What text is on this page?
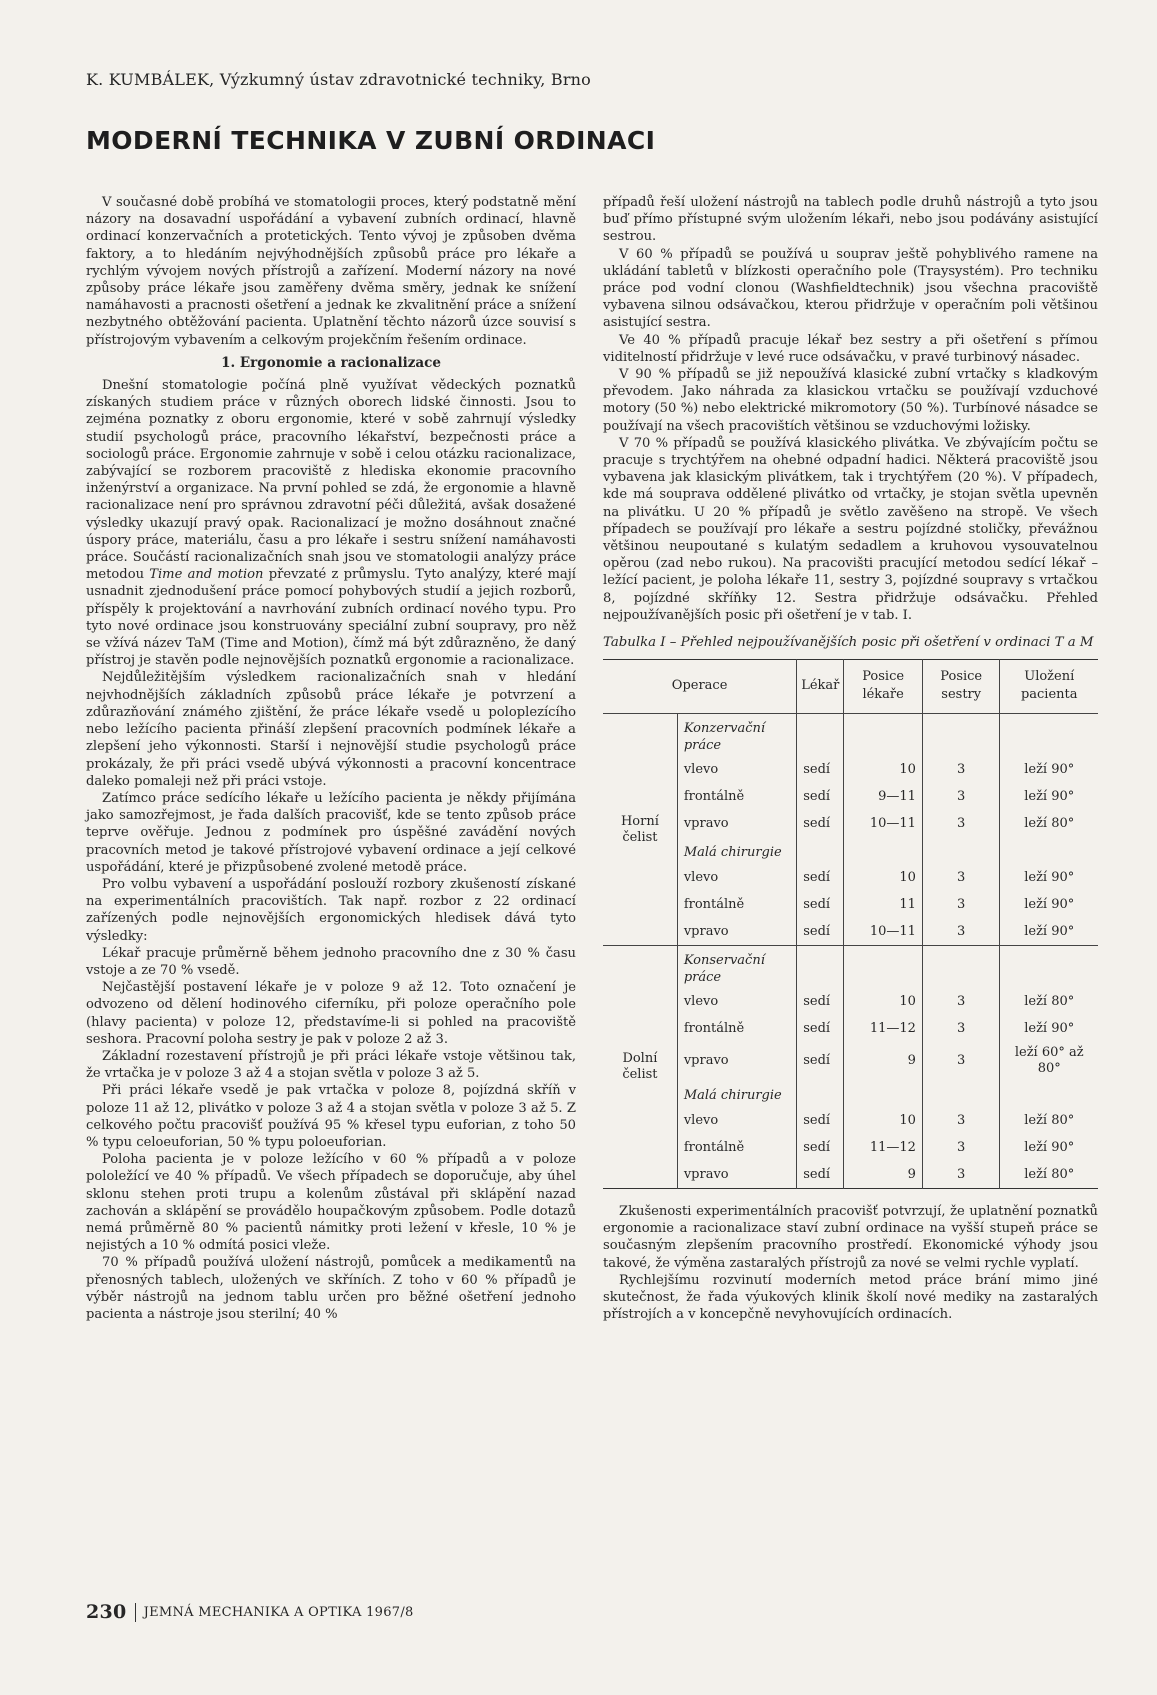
K. KUMBÁLEK, Výzkumný ústav zdravotnické techniky, Brno
MODERNÍ TECHNIKA V ZUBNÍ ORDINACI

V současné době probíhá ve stomatologii proces, který podstatně mění názory na dosavadní uspořádání a vybavení zubních ordinací, hlavně ordinací konzervačních a protetických. Tento vývoj je způsoben dvěma faktory, a to hledáním nejvýhodnějších způsobů práce pro lékaře a rychlým vývojem nových přístrojů a zařízení. Moderní názory na nové způsoby práce lékaře jsou zaměřeny dvěma směry, jednak ke snížení namáhavosti a pracnosti ošetření a jednak ke zkvalitnění práce a snížení nezbytného obtěžování pacienta. Uplatnění těchto názorů úzce souvisí s přístrojovým vybavením a celkovým projekčním řešením ordinace.

1. Ergonomie a racionalizace

Dnešní stomatologie počíná plně využívat vědeckých poznatků získaných studiem práce v různých oborech lidské činnosti. Jsou to zejména poznatky z oboru ergonomie, které v sobě zahrnují výsledky studií psychologů práce, pracovního lékařství, bezpečnosti práce a sociologů práce. Ergonomie zahrnuje v sobě i celou otázku racionalizace, zabývající se rozborem pracoviště z hlediska ekonomie pracovního inženýrství a organizace. Na první pohled se zdá, že ergonomie a hlavně racionalizace není pro správnou zdravotní péči důležitá, avšak dosažené výsledky ukazují pravý opak. Racionalizací je možno dosáhnout značné úspory práce, materiálu, času a pro lékaře i sestru snížení namáhavosti práce. Součástí racionalizačních snah jsou ve stomatologii analýzy práce metodou Time and motion převzaté z průmyslu. Tyto analýzy, které mají usnadnit zjednodušení práce pomocí pohybových studií a jejich rozborů, příspěly k projektování a navrhování zubních ordinací nového typu. Pro tyto nové ordinace jsou konstruovány speciální zubní soupravy, pro něž se vžívá název TaM (Time and Motion), čímž má být zdůrazněno, že daný přístroj je stavěn podle nejnovějších poznatků ergonomie a racionalizace.

Nejdůležitějším výsledkem racionalizačních snah v hledání nejvhodnějších základních způsobů práce lékaře je potvrzení a zdůrazňování známého zjištění, že práce lékaře vsedě u poloplezícího nebo ležícího pacienta přináší zlepšení pracovních podmínek lékaře a zlepšení jeho výkonnosti. Starší i nejnovější studie psychologů práce prokázaly, že při práci vsedě ubývá výkonnosti a pracovní koncentrace daleko pomaleji než při práci vstoje.

Zatímco práce sedícího lékaře u ležícího pacienta je někdy přijímána jako samozřejmost, je řada dalších pracovišť, kde se tento způsob práce teprve ověřuje. Jednou z podmínek pro úspěšné zavádění nových pracovních metod je takové přístrojové vybavení ordinace a její celkové uspořádání, které je přizpůsobené zvolené metodě práce.

Pro volbu vybavení a uspořádání poslouží rozbory zkušeností získané na experimentálních pracovištích. Tak např. rozbor z 22 ordinací zařízených podle nejnovějších ergonomických hledisek dává tyto výsledky:

Lékař pracuje průměrně během jednoho pracovního dne z 30 % času vstoje a ze 70 % vsedě.

Nejčastější postavení lékaře je v poloze 9 až 12. Toto označení je odvozeno od dělení hodinového ciferníku, při poloze operačního pole (hlavy pacienta) v poloze 12, představíme-li si pohled na pracoviště seshora. Pracovní poloha sestry je pak v poloze 2 až 3.

Základní rozestavení přístrojů je při práci lékaře vstoje většinou tak, že vrtačka je v poloze 3 až 4 a stojan světla v poloze 3 až 5.

Při práci lékaře vsedě je pak vrtačka v poloze 8, pojízdná skříň v poloze 11 až 12, plivátko v poloze 3 až 4 a stojan světla v poloze 3 až 5. Z celkového počtu pracovišť používá 95 % křesel typu euforian, z toho 50 % typu celoeuforian, 50 % typu poloeuforian.

Poloha pacienta je v poloze ležícího v 60 % případů a v poloze pololežící ve 40 % případů. Ve všech případech se doporučuje, aby úhel sklonu stehen proti trupu a kolenům zůstával při sklápění nazad zachován a sklápění se provádělo houpačkovým způsobem. Podle dotazů nemá průměrně 80 % pacientů námitky proti ležení v křesle, 10 % je nejistých a 10 % odmítá posici vleže.

70 % případů používá uložení nástrojů, pomůcek a medikamentů na přenosných tablech, uložených ve skříních. Z toho v 60 % případů je výběr nástrojů na jednom tablu určen pro běžné ošetření jednoho pacienta a nástroje jsou sterilní; 40 %

případů řeší uložení nástrojů na tablech podle druhů nástrojů a tyto jsou buď přímo přístupné svým uložením lékaři, nebo jsou podávány asistující sestrou.

V 60 % případů se používá u souprav ještě pohyblivého ramene na ukládání tabletů v blízkosti operačního pole (Traysystém). Pro techniku práce pod vodní clonou (Washfieldtechnik) jsou všechna pracoviště vybavena silnou odsávačkou, kterou přidržuje v operačním poli většinou asistující sestra.

Ve 40 % případů pracuje lékař bez sestry a při ošetření s přímou viditelností přidržuje v levé ruce odsávačku, v pravé turbinový násadec.

V 90 % případů se již nepoužívá klasické zubní vrtačky s kladkovým převodem. Jako náhrada za klasickou vrtačku se používají vzduchové motory (50 %) nebo elektrické mikromotory (50 %). Turbínové násadce se používají na všech pracovištích většinou se vzduchovými ložisky.

V 70 % případů se používá klasického plivátka. Ve zbývajícím počtu se pracuje s trychtýřem na ohebné odpadní hadici. Některá pracoviště jsou vybavena jak klasickým plivátkem, tak i trychtýřem (20 %). V případech, kde má souprava oddělené plivátko od vrtačky, je stojan světla upevněn na plivátku. U 20 % případů je světlo zavěšeno na stropě. Ve všech případech se používají pro lékaře a sestru pojízdné stoličky, převážnou většinou neupoutané s kulatým sedadlem a kruhovou vysouvatelnou opěrou (zad nebo rukou). Na pracovišti pracující metodou sedící lékař – ležící pacient, je poloha lékaře 11, sestry 3, pojízdné soupravy s vrtačkou 8, pojízdné skříňky 12. Sestra přidržuje odsávačku. Přehled nejpoužívanějších posic při ošetření je v tab. I.

Tabulka I – Přehled nejpoužívanějších posic při ošetření v ordinaci T a M
Operace		Lékař	Posice lékaře	Posice sestry	Uložení pacienta
Horní čelist	Konzervační práce				
	vlevo	sedí	10	3	leží 90°
	frontálně	sedí	9—11	3	leží 90°
	vpravo	sedí	10—11	3	leží 80°
	Malá chirurgie				
	vlevo	sedí	10	3	leží 90°
	frontálně	sedí	11	3	leží 90°
	vpravo	sedí	10—11	3	leží 90°
Dolní čelist	Konservační práce				
	vlevo	sedí	10	3	leží 80°
	frontálně	sedí	11—12	3	leží 90°
	vpravo	sedí	9	3	leží 60° až 80°
	Malá chirurgie				
	vlevo	sedí	10	3	leží 80°
	frontálně	sedí	11—12	3	leží 90°
	vpravo	sedí	9	3	leží 80°

Zkušenosti experimentálních pracovišť potvrzují, že uplatnění poznatků ergonomie a racionalizace staví zubní ordinace na vyšší stupeň práce se současným zlepšením pracovního prostředí. Ekonomické výhody jsou takové, že výměna zastaralých přístrojů za nové se velmi rychle vyplatí.

Rychlejšímu rozvinutí moderních metod práce brání mimo jiné skutečnost, že řada výukových klinik školí nové mediky na zastaralých přístrojích a v koncepčně nevyhovujících ordinacích.

230 JEMNÁ MECHANIKA A OPTIKA 1967/8
